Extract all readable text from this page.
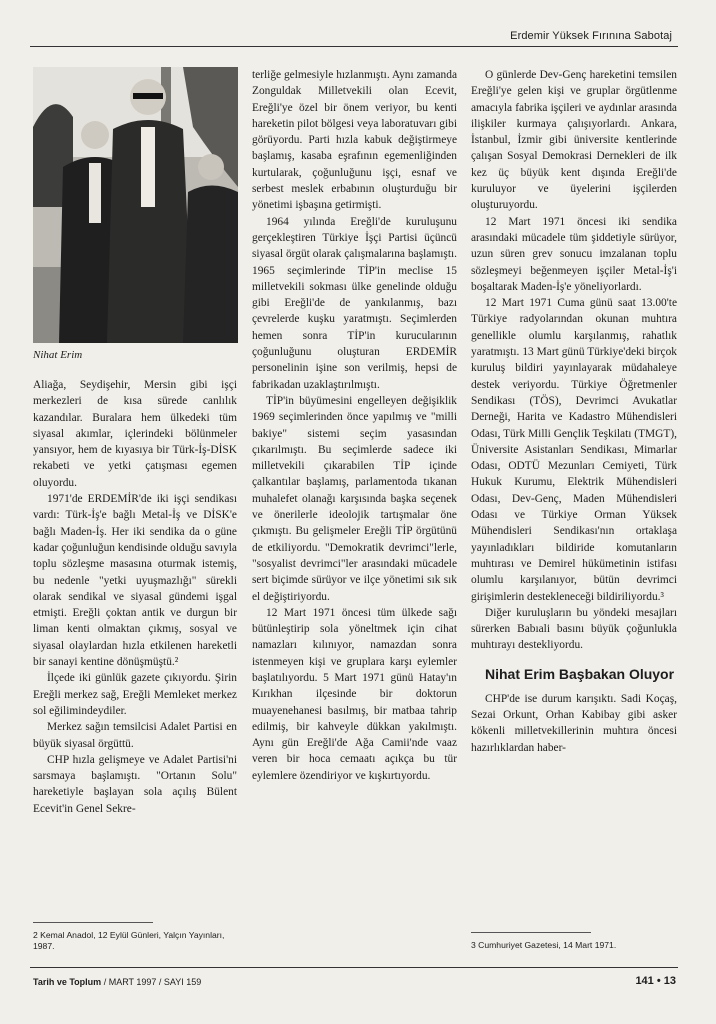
Erdemir Yüksek Fırınına Sabotaj
Nihat Erim

Aliağa, Seydişehir, Mersin gibi işçi merkezleri de kısa sürede canlılık kazandılar. Buralara hem ülkedeki tüm siyasal akımlar, içlerindeki bölünmeler yansıyor, hem de kıyasıya bir Türk-İş-DİSK rekabeti ve yetki çatışması egemen oluyordu.

1971'de ERDEMİR'de iki işçi sendikası vardı: Türk-İş'e bağlı Metal-İş ve DİSK'e bağlı Maden-İş. Her iki sendika da o güne kadar çoğunluğun kendisinde olduğu savıyla toplu sözleşme masasına oturmak istemiş, bu nedenle "yetki uyuşmazlığı" sürekli olarak sendikal ve siyasal gündemi işgal etmişti. Ereğli çoktan antik ve durgun bir liman kenti olmaktan çıkmış, sosyal ve siyasal olaylardan hızla etkilenen hareketli bir sanayi kentine dönüşmüştü.²

İlçede iki günlük gazete çıkıyordu. Şirin Ereğli merkez sağ, Ereğli Memleket merkez sol eğilimindeydiler.

Merkez sağın temsilcisi Adalet Partisi en büyük siyasal örgüttü.

CHP hızla gelişmeye ve Adalet Partisi'ni sarsmaya başlamıştı. "Ortanın Solu" hareketiyle başlayan sola açılış Bülent Ecevit'in Genel Sekre-

terliğe gelmesiyle hızlanmıştı. Aynı zamanda Zonguldak Milletvekili olan Ecevit, Ereğli'ye özel bir önem veriyor, bu kenti hareketin pilot bölgesi veya laboratuvarı gibi görüyordu. Parti hızla kabuk değiştirmeye başlamış, kasaba eşrafının egemenliğinden kurtularak, çoğunluğunu işçi, esnaf ve serbest meslek erbabının oluşturduğu bir yönetimi işbaşına getirmişti.

1964 yılında Ereğli'de kuruluşunu gerçekleştiren Türkiye İşçi Partisi üçüncü siyasal örgüt olarak çalışmalarına başlamıştı. 1965 seçimlerinde TİP'in meclise 15 milletvekili sokması ülke genelinde olduğu gibi Ereğli'de de yankılanmış, bazı çevrelerde kuşku yaratmıştı. Seçimlerden hemen sonra TİP'in kurucularının çoğunluğunu oluşturan ERDEMİR personelinin işine son verilmiş, hepsi de fabrikadan uzaklaştırılmıştı.

TİP'in büyümesini engelleyen değişiklik 1969 seçimlerinden önce yapılmış ve "milli bakiye" sistemi seçim yasasından çıkarılmıştı. Bu seçimlerde sadece iki milletvekili çıkarabilen TİP içinde çalkantılar başlamış, parlamentoda tıkanan muhalefet olanağı karşısında başka seçenek ve önerilerle ideolojik tartışmalar öne çıkmıştı. Bu gelişmeler Ereğli TİP örgütünü de etkiliyordu. "Demokratik devrimci"lerle, "sosyalist devrimci"ler arasındaki mücadele sert biçimde sürüyor ve ilçe yönetimi sık sık el değiştiriyordu.

12 Mart 1971 öncesi tüm ülkede sağı bütünleştirip sola yöneltmek için cihat namazları kılınıyor, namazdan sonra istenmeyen kişi ve gruplara karşı eylemler başlatılıyordu. 5 Mart 1971 günü Hatay'ın Kırıkhan ilçesinde bir doktorun muayenehanesi basılmış, bir matbaa tahrip edilmiş, bir kahveyle dükkan yakılmıştı. Aynı gün Ereğli'de Ağa Camii'nde vaaz veren bir hoca cemaatı açıkça bu tür eylemlere özendiriyor ve kışkırtıyordu.

O günlerde Dev-Genç hareketini temsilen Ereğli'ye gelen kişi ve gruplar örgütlenme amacıyla fabrika işçileri ve aydınlar arasında ilişkiler kurmaya çalışıyorlardı. Ankara, İstanbul, İzmir gibi üniversite kentlerinde çalışan Sosyal Demokrasi Dernekleri de ilk kez üç büyük kent dışında Ereğli'de kuruluyor ve üyelerini işçilerden oluşturuyordu.

12 Mart 1971 öncesi iki sendika arasındaki mücadele tüm şiddetiyle sürüyor, uzun süren grev sonucu imzalanan toplu sözleşmeyi beğenmeyen işçiler Metal-İş'i boşaltarak Maden-İş'e yöneliyorlardı.

12 Mart 1971 Cuma günü saat 13.00'te Türkiye radyolarından okunan muhtıra genellikle olumlu karşılanmış, rahatlık yaratmıştı. 13 Mart günü Türkiye'deki birçok kuruluş bildiri yayınlayarak müdahaleye destek veriyordu. Türkiye Öğretmenler Sendikası (TÖS), Devrimci Avukatlar Derneği, Harita ve Kadastro Mühendisleri Odası, Türk Milli Gençlik Teşkilatı (TMGT), Üniversite Asistanları Sendikası, Mimarlar Odası, ODTÜ Mezunları Cemiyeti, Türk Hukuk Kurumu, Elektrik Mühendisleri Odası, Dev-Genç, Maden Mühendisleri Odası ve Türkiye Orman Yüksek Mühendisleri Sendikası'nın ortaklaşa yayınladıkları bildiride komutanların muhtırası ve Demirel hükümetinin istifası olumlu karşılanıyor, bütün devrimci girişimlerin destekleneceği bildiriliyordu.³

Diğer kuruluşların bu yöndeki mesajları sürerken Babıali basını büyük çoğunlukla muhtırayı destekliyordu.

Nihat Erim Başbakan Oluyor

CHP'de ise durum karışıktı. Sadi Koçaş, Sezai Orkunt, Orhan Kabibay gibi asker kökenli milletvekillerinin muhtıra öncesi hazırlıklardan haber-

2 Kemal Anadol, 12 Eylül Günleri, Yalçın Yayınları, 1987.	3 Cumhuriyet Gazetesi, 14 Mart 1971.
Tarih ve Toplum / MART 1997 / SAYI 159	141 • 13
